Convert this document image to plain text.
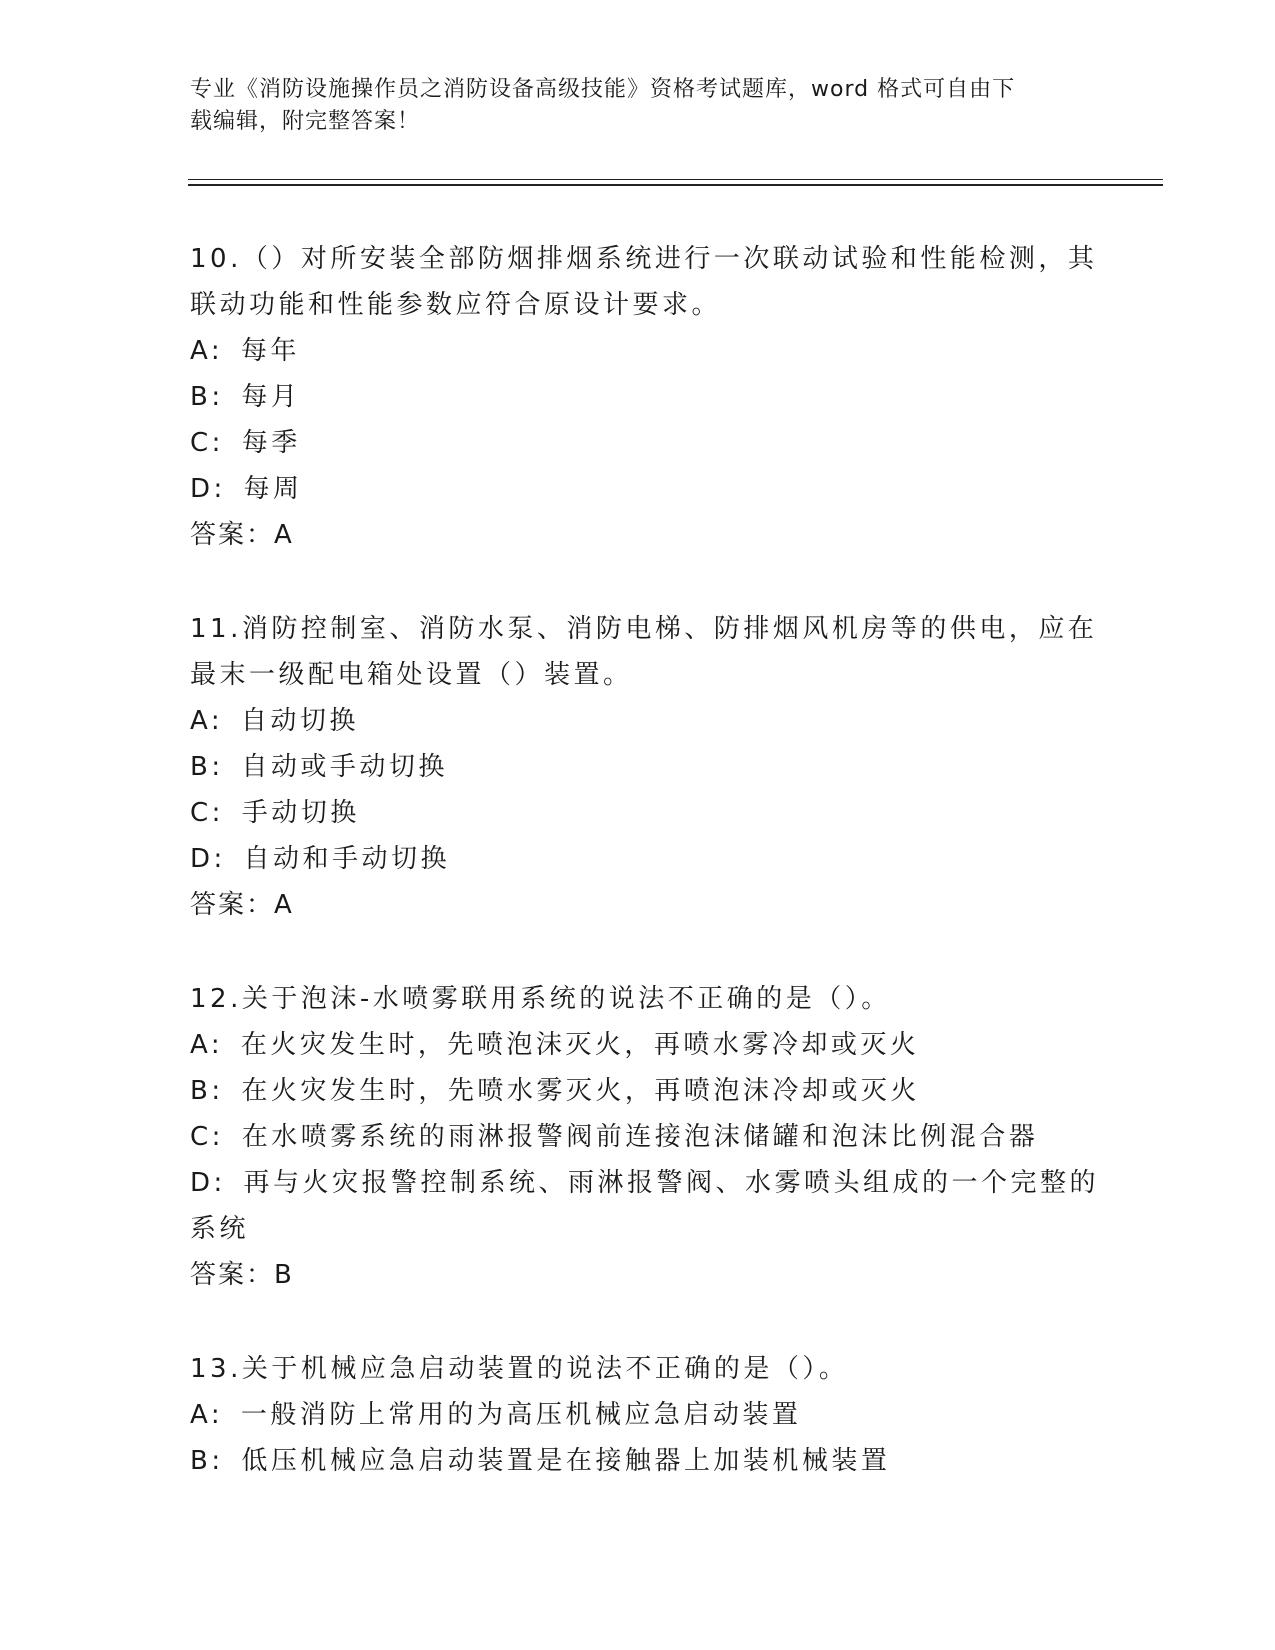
专业《消防设施操作员之消防设备高级技能》资格考试题库，word 格式可自由下
载编辑，附完整答案！
10.（）对所安装全部防烟排烟系统进行一次联动试验和性能检测，其
联动功能和性能参数应符合原设计要求。
A: 每年
B: 每月
C: 每季
D: 每周
答案：A
11.消防控制室、消防水泵、消防电梯、防排烟风机房等的供电，应在
最末一级配电箱处设置（）装置。
A: 自动切换
B: 自动或手动切换
C: 手动切换
D: 自动和手动切换
答案：A
12.关于泡沫-水喷雾联用系统的说法不正确的是（）。
A: 在火灾发生时，先喷泡沫灭火，再喷水雾冷却或灭火
B: 在火灾发生时，先喷水雾灭火，再喷泡沫冷却或灭火
C: 在水喷雾系统的雨淋报警阀前连接泡沫储罐和泡沫比例混合器
D: 再与火灾报警控制系统、雨淋报警阀、水雾喷头组成的一个完整的
系统
答案：B
13.关于机械应急启动装置的说法不正确的是（）。
A: 一般消防上常用的为高压机械应急启动装置
B: 低压机械应急启动装置是在接触器上加装机械装置
